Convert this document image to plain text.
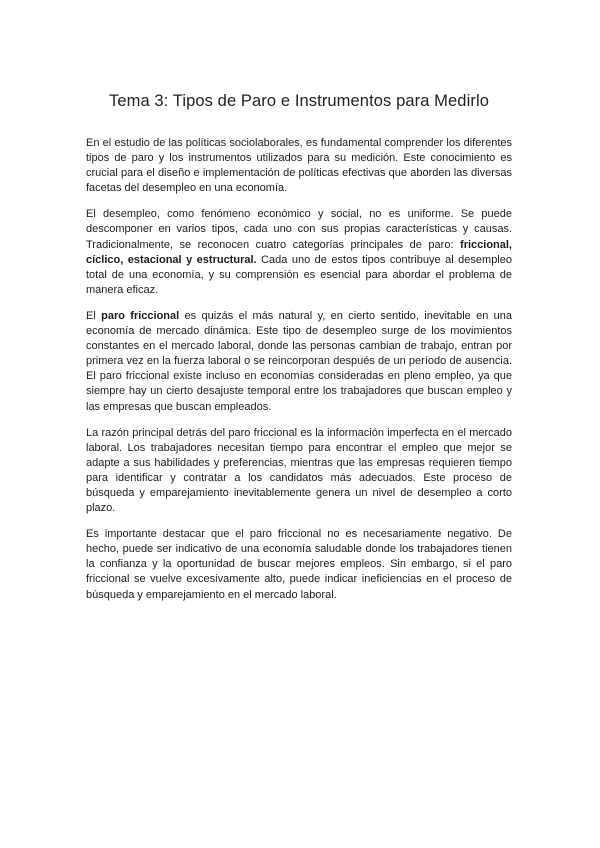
Tema 3: Tipos de Paro e Instrumentos para Medirlo

En el estudio de las políticas sociolaborales, es fundamental comprender los diferentes tipos de paro y los instrumentos utilizados para su medición. Este conocimiento es crucial para el diseño e implementación de políticas efectivas que aborden las diversas facetas del desempleo en una economía.

El desempleo, como fenómeno económico y social, no es uniforme. Se puede descomponer en varios tipos, cada uno con sus propias características y causas. Tradicionalmente, se reconocen cuatro categorías principales de paro: friccional, cíclico, estacional y estructural. Cada uno de estos tipos contribuye al desempleo total de una economía, y su comprensión es esencial para abordar el problema de manera eficaz.

El paro friccional es quizás el más natural y, en cierto sentido, inevitable en una economía de mercado dinámica. Este tipo de desempleo surge de los movimientos constantes en el mercado laboral, donde las personas cambian de trabajo, entran por primera vez en la fuerza laboral o se reincorporan después de un período de ausencia. El paro friccional existe incluso en economías consideradas en pleno empleo, ya que siempre hay un cierto desajuste temporal entre los trabajadores que buscan empleo y las empresas que buscan empleados.

La razón principal detrás del paro friccional es la información imperfecta en el mercado laboral. Los trabajadores necesitan tiempo para encontrar el empleo que mejor se adapte a sus habilidades y preferencias, mientras que las empresas requieren tiempo para identificar y contratar a los candidatos más adecuados. Este proceso de búsqueda y emparejamiento inevitablemente genera un nivel de desempleo a corto plazo.

Es importante destacar que el paro friccional no es necesariamente negativo. De hecho, puede ser indicativo de una economía saludable donde los trabajadores tienen la confianza y la oportunidad de buscar mejores empleos. Sin embargo, si el paro friccional se vuelve excesivamente alto, puede indicar ineficiencias en el proceso de búsqueda y emparejamiento en el mercado laboral.
